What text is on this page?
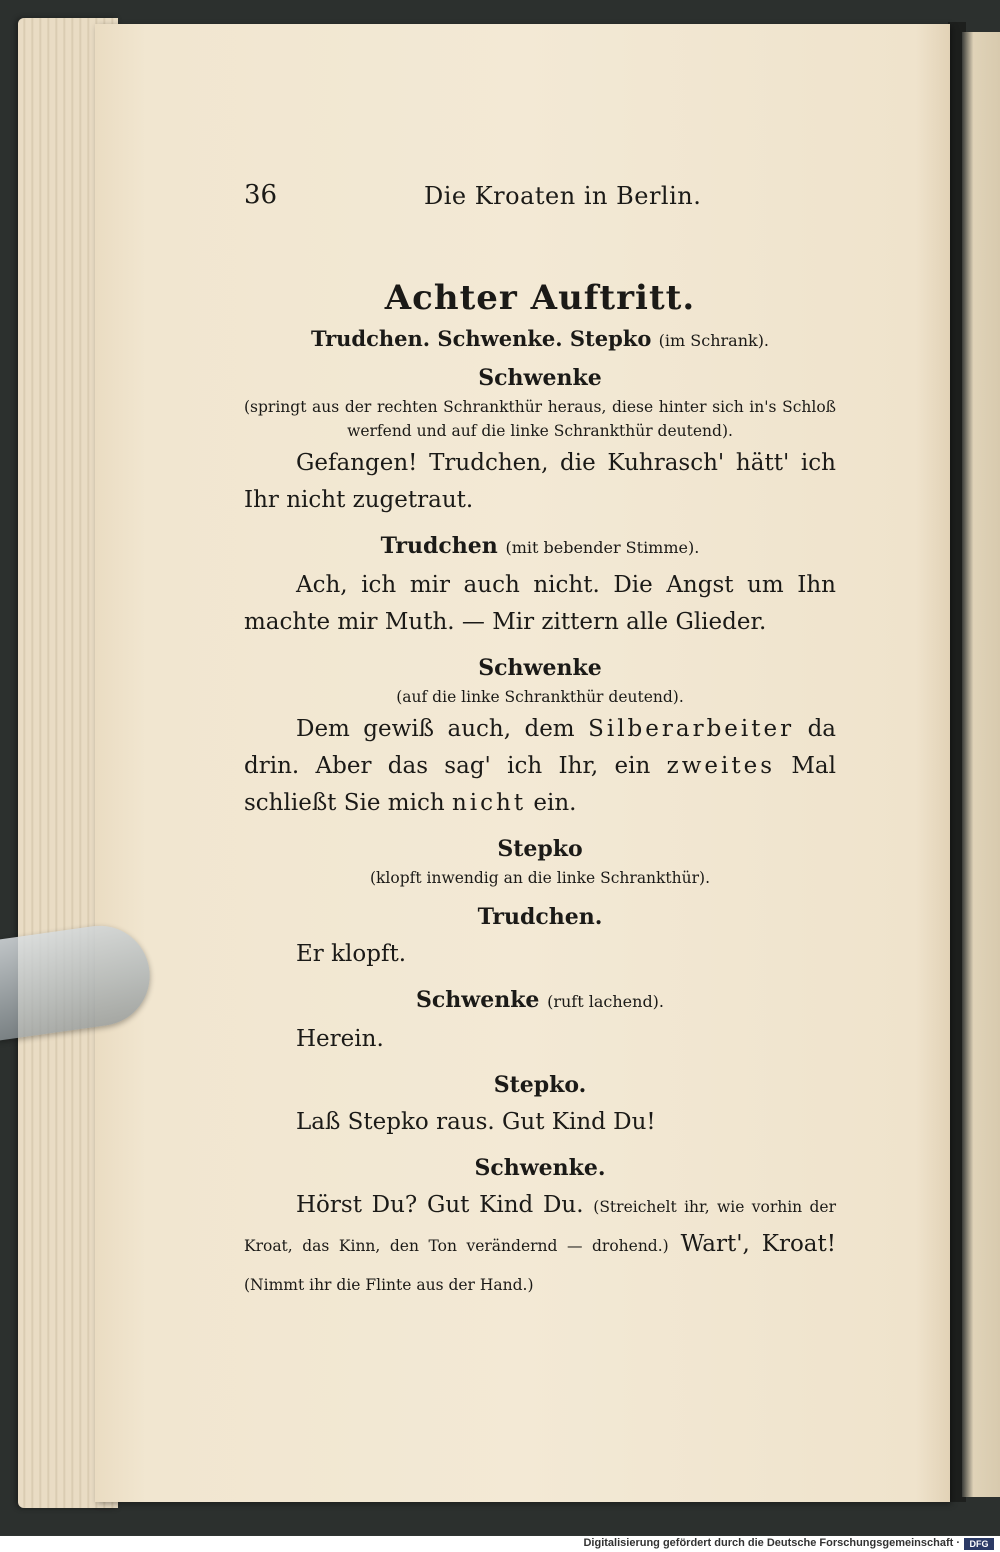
36	Die Kroaten in Berlin.
Achter Auftritt.
Trudchen. Schwenke. Stepko (im Schrank).
Schwenke
(springt aus der rechten Schrankthür heraus, diese hinter sich in's Schloß werfend und auf die linke Schrankthür deutend).

Gefangen! Trudchen, die Kuhrasch' hätt' ich Ihr nicht zugetraut.

Trudchen (mit bebender Stimme).

Ach, ich mir auch nicht. Die Angst um Ihn machte mir Muth. — Mir zittern alle Glieder.

Schwenke
(auf die linke Schrankthür deutend).

Dem gewiß auch, dem Silberarbeiter da drin. Aber das sag' ich Ihr, ein zweites Mal schließt Sie mich nicht ein.

Stepko
(klopft inwendig an die linke Schrankthür).
Trudchen.

Er klopft.

Schwenke (ruft lachend).

Herein.

Stepko.

Laß Stepko raus. Gut Kind Du!

Schwenke.

Hörst Du? Gut Kind Du. (Streichelt ihr, wie vorhin der Kroat, das Kinn, den Ton verändernd — drohend.) Wart', Kroat! (Nimmt ihr die Flinte aus der Hand.)

Digitalisierung gefördert durch die Deutsche Forschungsgemeinschaft ·	DFG
